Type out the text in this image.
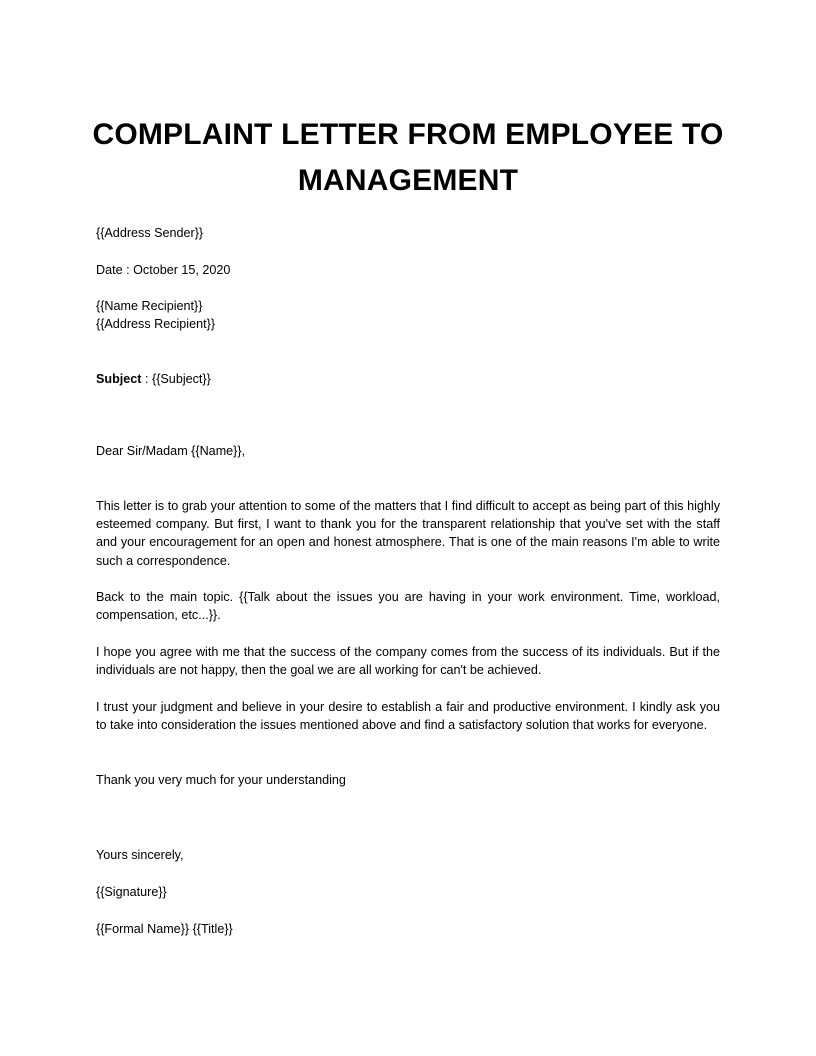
COMPLAINT LETTER FROM EMPLOYEE TO MANAGEMENT

{{Address Sender}}

Date : October 15, 2020

{{Name Recipient}}

{{Address Recipient}}

Subject : {{Subject}}

Dear Sir/Madam {{Name}},

This letter is to grab your attention to some of the matters that I find difficult to accept as being part of this highly esteemed company. But first, I want to thank you for the transparent relationship that you've set with the staff and your encouragement for an open and honest atmosphere. That is one of the main reasons I'm able to write such a correspondence.

Back to the main topic. {{Talk about the issues you are having in your work environment. Time, workload, compensation, etc...}}.

I hope you agree with me that the success of the company comes from the success of its individuals. But if the individuals are not happy, then the goal we are all working for can't be achieved.

I trust your judgment and believe in your desire to establish a fair and productive environment. I kindly ask you to take into consideration the issues mentioned above and find a satisfactory solution that works for everyone.

Thank you very much for your understanding

Yours sincerely,

{{Signature}}

{{Formal Name}} {{Title}}
